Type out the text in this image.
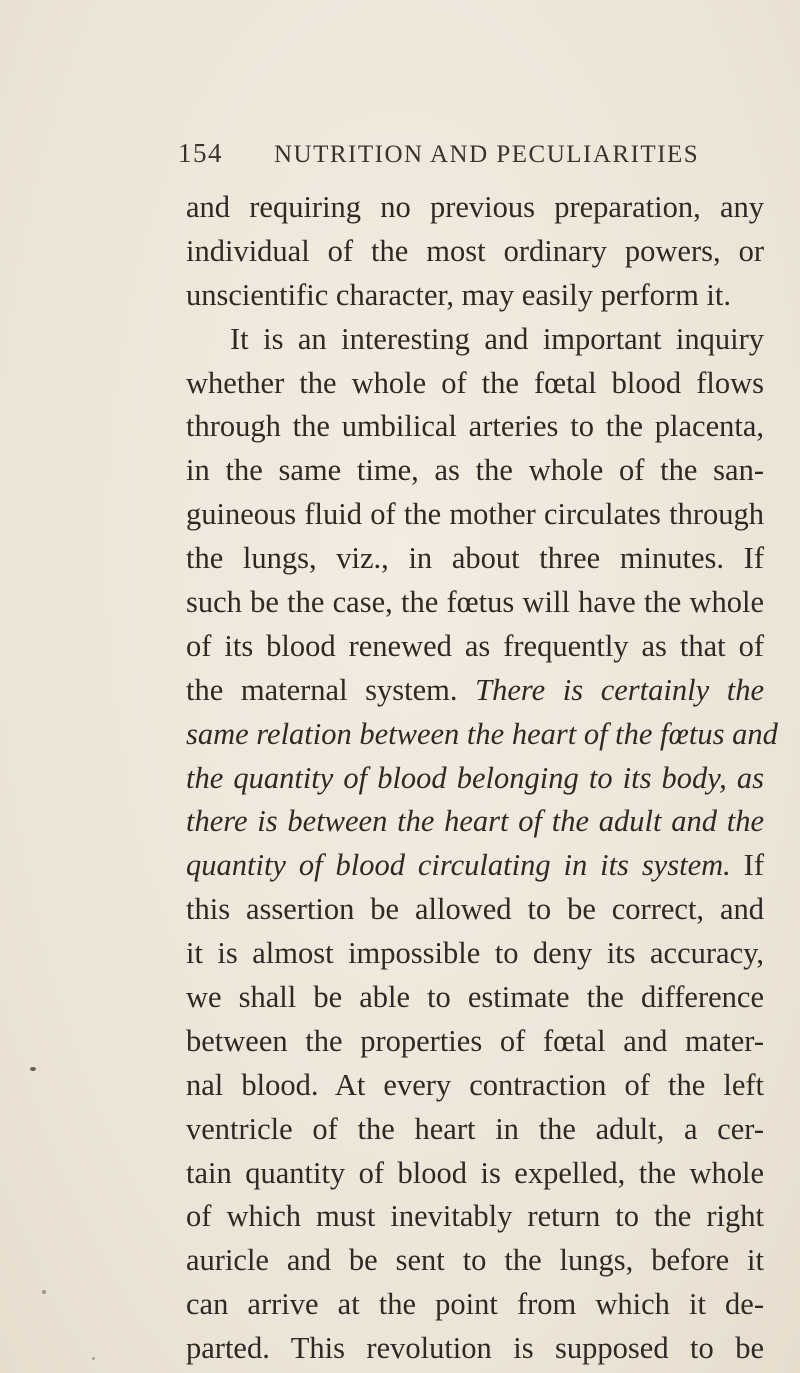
154 NUTRITION AND PECULIARITIES
and requiring no previous preparation, any
individual of the most ordinary powers, or
unscientific character, may easily perform it.
It is an interesting and important inquiry
whether the whole of the fœtal blood flows
through the umbilical arteries to the placenta,
in the same time, as the whole of the san-
guineous fluid of the mother circulates through
the lungs, viz., in about three minutes. If
such be the case, the fœtus will have the whole
of its blood renewed as frequently as that of
the maternal system. There is certainly the
same relation between the heart of the fœtus and
the quantity of blood belonging to its body, as
there is between the heart of the adult and the
quantity of blood circulating in its system. If
this assertion be allowed to be correct, and
it is almost impossible to deny its accuracy,
we shall be able to estimate the difference
between the properties of fœtal and mater-
nal blood. At every contraction of the left
ventricle of the heart in the adult, a cer-
tain quantity of blood is expelled, the whole
of which must inevitably return to the right
auricle and be sent to the lungs, before it
can arrive at the point from which it de-
parted. This revolution is supposed to be
